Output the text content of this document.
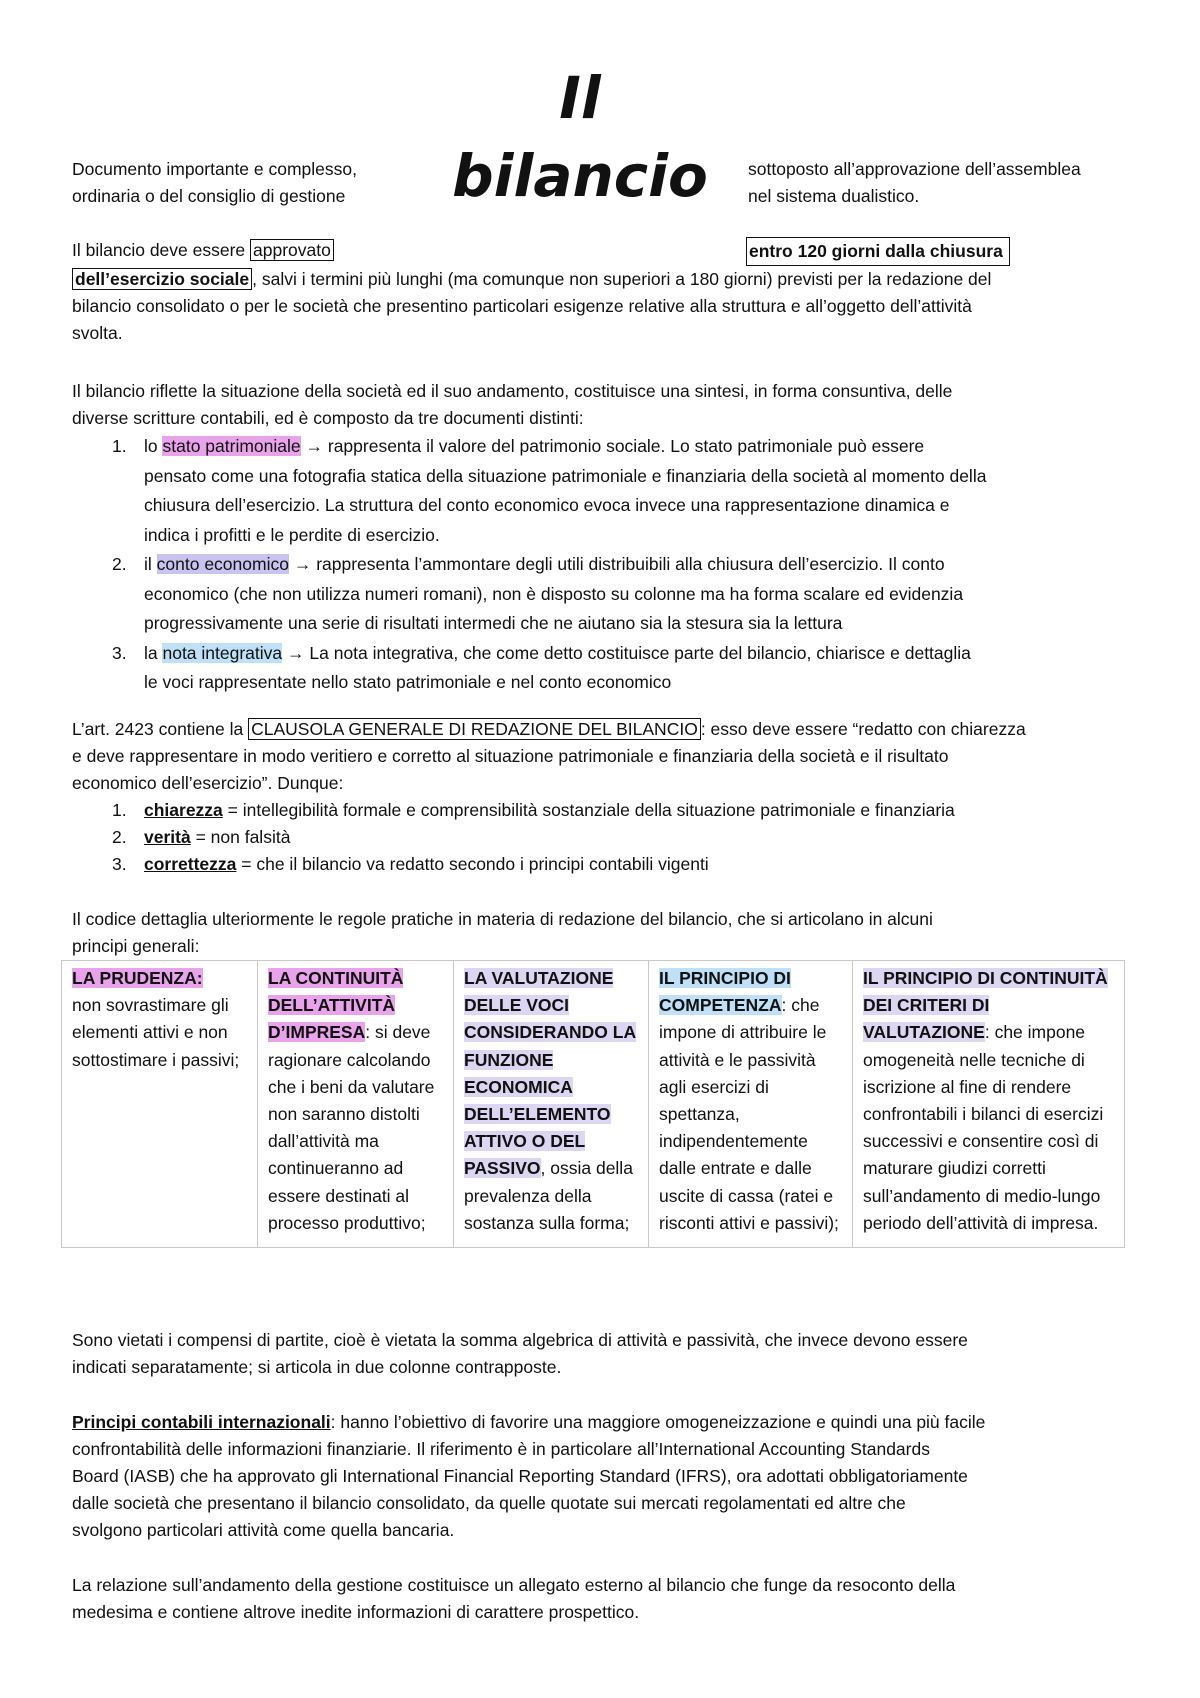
Il
bilancio
Documento importante e complesso,
ordinaria o del consiglio di gestione
sottoposto all’approvazione dell’assemblea
nel sistema dualistico.
Il bilancio deve essere approvato	entro 120 giorni dalla chiusura
dell’esercizio sociale , salvi i termini più lunghi (ma comunque non superiori a 180 giorni) previsti per la redazione del
bilancio consolidato o per le società che presentino particolari esigenze relative alla struttura e all’oggetto dell’attività
svolta.
Il bilancio riflette la situazione della società ed il suo andamento, costituisce una sintesi, in forma consuntiva, delle
diverse scritture contabili, ed è composto da tre documenti distinti:
1. lo stato patrimoniale → rappresenta il valore del patrimonio sociale. Lo stato patrimoniale può essere
pensato come una fotografia statica della situazione patrimoniale e finanziaria della società al momento della
chiusura dell’esercizio. La struttura del conto economico evoca invece una rappresentazione dinamica e
indica i profitti e le perdite di esercizio.
2. il conto economico → rappresenta l’ammontare degli utili distribuibili alla chiusura dell’esercizio. Il conto
economico (che non utilizza numeri romani), non è disposto su colonne ma ha forma scalare ed evidenzia
progressivamente una serie di risultati intermedi che ne aiutano sia la stesura sia la lettura
3. la nota integrativa → La nota integrativa, che come detto costituisce parte del bilancio, chiarisce e dettaglia
le voci rappresentate nello stato patrimoniale e nel conto economico
L’art. 2423 contiene la CLAUSOLA GENERALE DI REDAZIONE DEL BILANCIO : esso deve essere “redatto con chiarezza
e deve rappresentare in modo veritiero e corretto al situazione patrimoniale e finanziaria della società e il risultato
economico dell’esercizio”. Dunque:
1. chiarezza = intellegibilità formale e comprensibilità sostanziale della situazione patrimoniale e finanziaria
2. verità = non falsità
3. correttezza = che il bilancio va redatto secondo i principi contabili vigenti
Il codice dettaglia ulteriormente le regole pratiche in materia di redazione del bilancio, che si articolano in alcuni
principi generali:
LA PRUDENZA:
non sovrastimare gli elementi attivi e non sottostimare i passivi;	LA CONTINUITÀ DELL’ATTIVITÀ D’IMPRESA: si deve ragionare calcolando che i beni da valutare non saranno distolti dall’attività ma continueranno ad essere destinati al processo produttivo;	LA VALUTAZIONE DELLE VOCI CONSIDERANDO LA FUNZIONE ECONOMICA DELL’ELEMENTO ATTIVO O DEL PASSIVO, ossia della prevalenza della sostanza sulla forma;	IL PRINCIPIO DI COMPETENZA: che impone di attribuire le attività e le passività agli esercizi di spettanza, indipendentemente dalle entrate e dalle uscite di cassa (ratei e risconti attivi e passivi);	IL PRINCIPIO DI CONTINUITÀ DEI CRITERI DI VALUTAZIONE: che impone omogeneità nelle tecniche di iscrizione al fine di rendere confrontabili i bilanci di esercizi successivi e consentire così di maturare giudizi corretti sull’andamento di medio-lungo periodo dell’attività di impresa.
Sono vietati i compensi di partite, cioè è vietata la somma algebrica di attività e passività, che invece devono essere
indicati separatamente; si articola in due colonne contrapposte.
Principi contabili internazionali: hanno l’obiettivo di favorire una maggiore omogeneizzazione e quindi una più facile
confrontabilità delle informazioni finanziarie. Il riferimento è in particolare all’International Accounting Standards
Board (IASB) che ha approvato gli International Financial Reporting Standard (IFRS), ora adottati obbligatoriamente
dalle società che presentano il bilancio consolidato, da quelle quotate sui mercati regolamentati ed altre che
svolgono particolari attività come quella bancaria.
La relazione sull’andamento della gestione costituisce un allegato esterno al bilancio che funge da resoconto della
medesima e contiene altrove inedite informazioni di carattere prospettico.
